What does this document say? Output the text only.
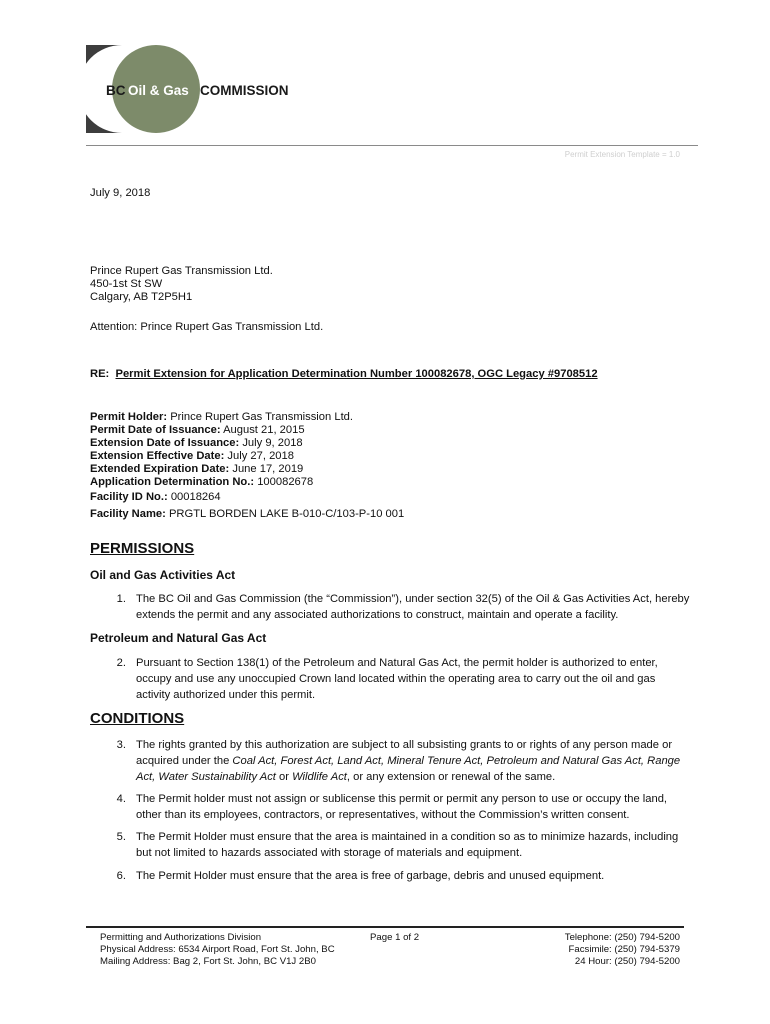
BC Oil & Gas COMMISSION
Permit Extension Template = 1.0
July 9, 2018
Prince Rupert Gas Transmission Ltd.
450-1st St SW
Calgary, AB T2P5H1
Attention: Prince Rupert Gas Transmission Ltd.
RE: Permit Extension for Application Determination Number 100082678, OGC Legacy #9708512
Permit Holder: Prince Rupert Gas Transmission Ltd.
Permit Date of Issuance: August 21, 2015
Extension Date of Issuance: July 9, 2018
Extension Effective Date: July 27, 2018
Extended Expiration Date: June 17, 2019
Application Determination No.: 100082678
Facility ID No.: 00018264
Facility Name: PRGTL BORDEN LAKE B-010-C/103-P-10 001
PERMISSIONS
Oil and Gas Activities Act
1. The BC Oil and Gas Commission (the “Commission”), under section 32(5) of the Oil & Gas Activities Act, hereby extends the permit and any associated authorizations to construct, maintain and operate a facility.
Petroleum and Natural Gas Act
2. Pursuant to Section 138(1) of the Petroleum and Natural Gas Act, the permit holder is authorized to enter, occupy and use any unoccupied Crown land located within the operating area to carry out the oil and gas activity authorized under this permit.
CONDITIONS
3. The rights granted by this authorization are subject to all subsisting grants to or rights of any person made or acquired under the Coal Act, Forest Act, Land Act, Mineral Tenure Act, Petroleum and Natural Gas Act, Range Act, Water Sustainability Act or Wildlife Act, or any extension or renewal of the same.
4. The Permit holder must not assign or sublicense this permit or permit any person to use or occupy the land, other than its employees, contractors, or representatives, without the Commission’s written consent.
5. The Permit Holder must ensure that the area is maintained in a condition so as to minimize hazards, including but not limited to hazards associated with storage of materials and equipment.
6. The Permit Holder must ensure that the area is free of garbage, debris and unused equipment.
Permitting and Authorizations Division
Physical Address: 6534 Airport Road, Fort St. John, BC
Mailing Address: Bag 2, Fort St. John, BC V1J 2B0
Page 1 of 2	Telephone: (250) 794-5200
Facsimile: (250) 794-5379
24 Hour: (250) 794-5200
